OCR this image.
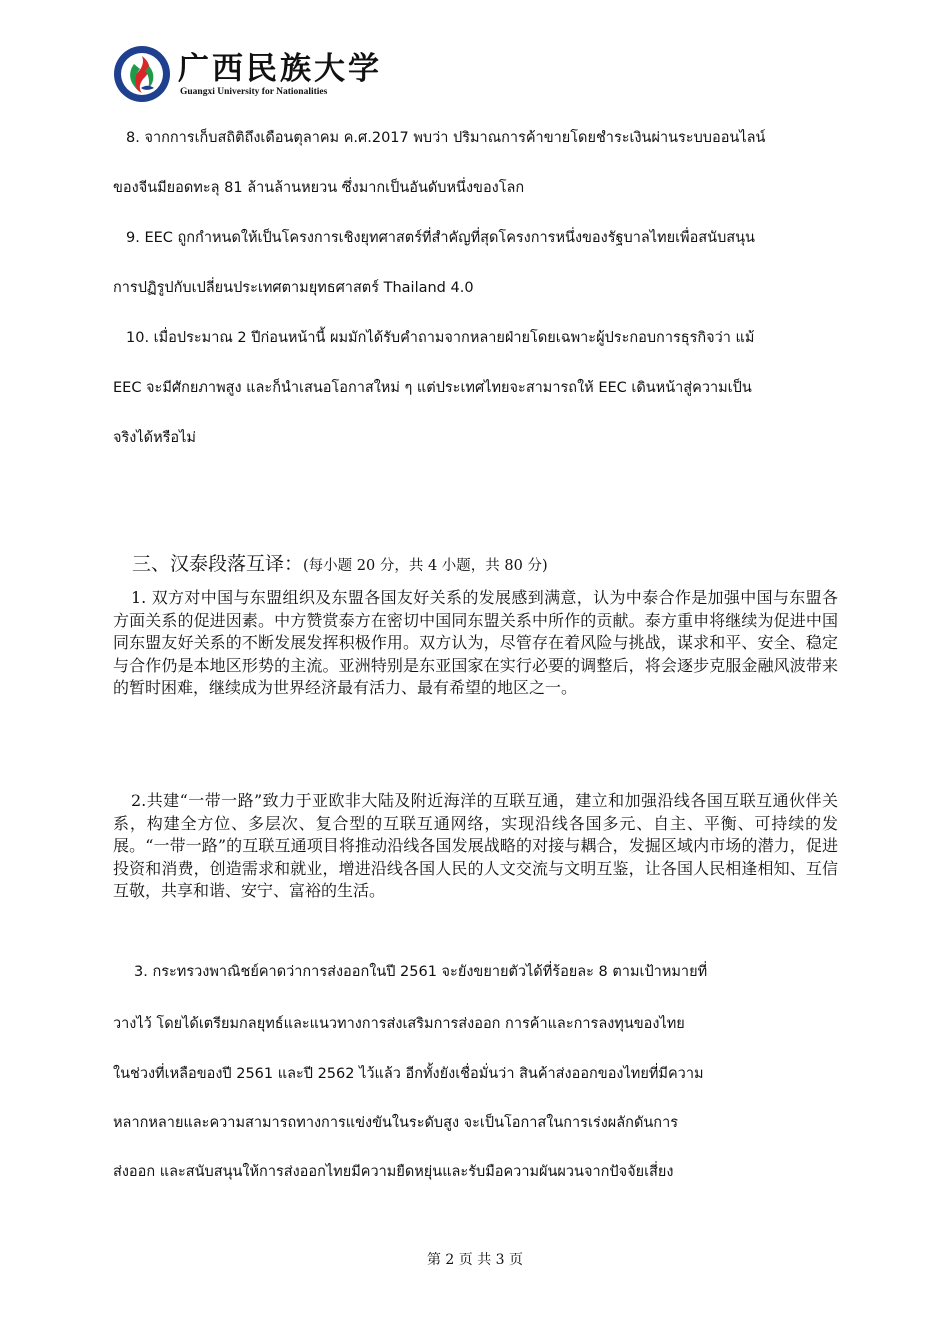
广西民族大学
Guangxi University for Nationalities
8. จากการเก็บสถิติถึงเดือนตุลาคม ค.ศ.2017 พบว่า ปริมาณการค้าขายโดยชำระเงินผ่านระบบออนไลน์
ของจีนมียอดทะลุ 81 ล้านล้านหยวน ซึ่งมากเป็นอันดับหนึ่งของโลก
9. EEC ถูกกำหนดให้เป็นโครงการเชิงยุทศาสตร์ที่สำคัญที่สุดโครงการหนึ่งของรัฐบาลไทยเพื่อสนับสนุน
การปฏิรูปกับเปลี่ยนประเทศตามยุทธศาสตร์ Thailand 4.0
10. เมื่อประมาณ 2 ปีก่อนหน้านี้ ผมมักได้รับคำถามจากหลายฝ่ายโดยเฉพาะผู้ประกอบการธุรกิจว่า แม้
EEC จะมีศักยภาพสูง และก็นำเสนอโอกาสใหม่ ๆ แต่ประเทศไทยจะสามารถให้ EEC เดินหน้าสู่ความเป็น
จริงได้หรือไม่
三、汉泰段落互译：(每小题 20 分，共 4 小题，共 80 分)
1. 双方对中国与东盟组织及东盟各国友好关系的发展感到满意，认为中泰合作是加强中国与东盟各方面关系的促进因素。中方赞赏泰方在密切中国同东盟关系中所作的贡献。泰方重申将继续为促进中国同东盟友好关系的不断发展发挥积极作用。双方认为，尽管存在着风险与挑战，谋求和平、安全、稳定与合作仍是本地区形势的主流。亚洲特别是东亚国家在实行必要的调整后，将会逐步克服金融风波带来的暂时困难，继续成为世界经济最有活力、最有希望的地区之一。
2.共建“一带一路”致力于亚欧非大陆及附近海洋的互联互通，建立和加强沿线各国互联互通伙伴关系，构建全方位、多层次、复合型的互联互通网络，实现沿线各国多元、自主、平衡、可持续的发展。“一带一路”的互联互通项目将推动沿线各国发展战略的对接与耦合，发掘区域内市场的潜力，促进投资和消费，创造需求和就业，增进沿线各国人民的人文交流与文明互鉴，让各国人民相逢相知、互信互敬，共享和谐、安宁、富裕的生活。
3. กระทรวงพาณิชย์คาดว่าการส่งออกในปี 2561 จะยังขยายตัวได้ที่ร้อยละ 8 ตามเป้าหมายที่
วางไว้ โดยได้เตรียมกลยุทธ์และแนวทางการส่งเสริมการส่งออก การค้าและการลงทุนของไทย
ในช่วงที่เหลือของปี 2561 และปี 2562 ไว้แล้ว อีกทั้งยังเชื่อมั่นว่า สินค้าส่งออกของไทยที่มีความ
หลากหลายและความสามารถทางการแข่งขันในระดับสูง จะเป็นโอกาสในการเร่งผลักดันการ
ส่งออก และสนับสนุนให้การส่งออกไทยมีความยืดหยุ่นและรับมือความผันผวนจากปัจจัยเสี่ยง
第 2 页 共 3 页
